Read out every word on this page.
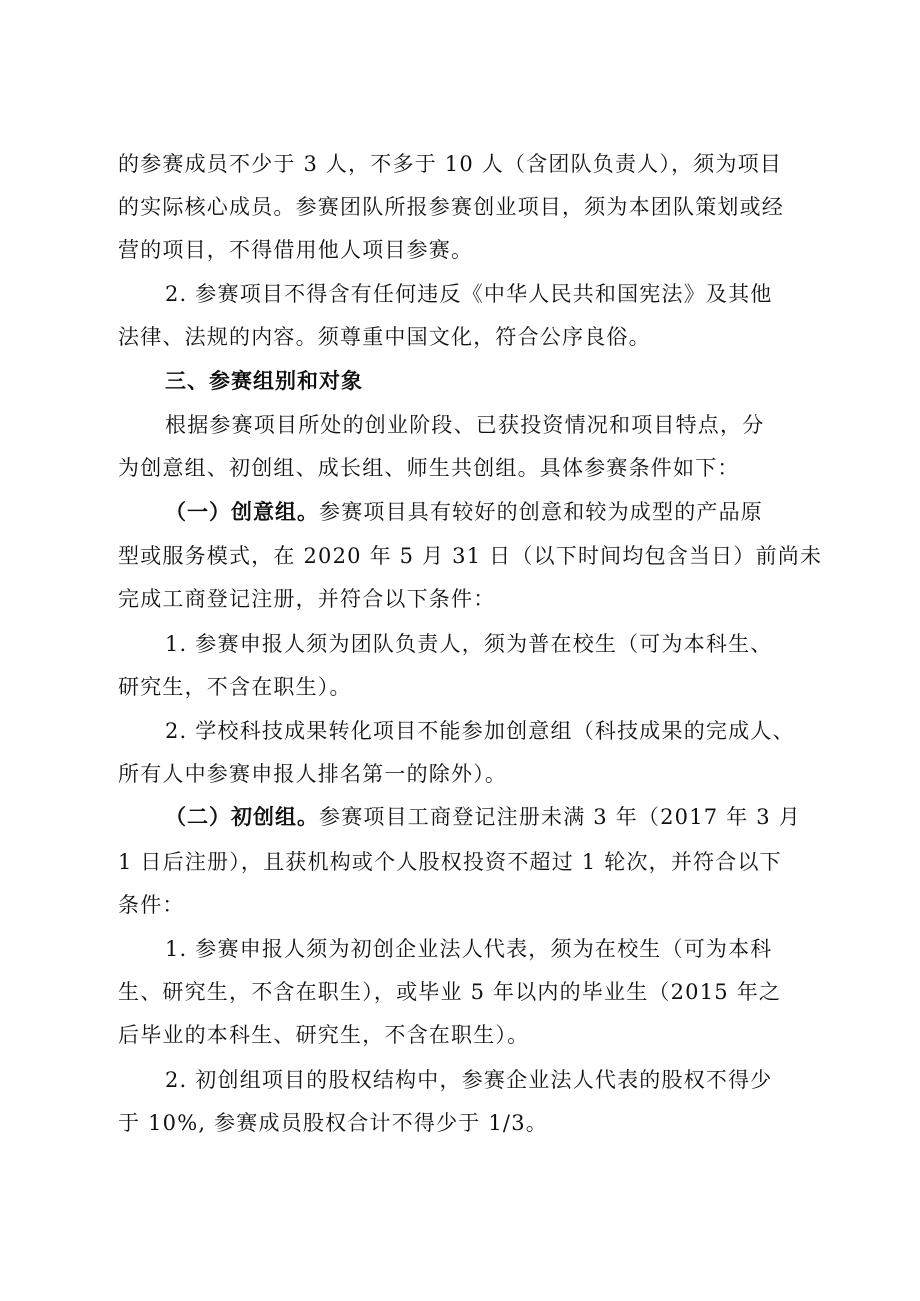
的参赛成员不少于 3 人，不多于 10 人（含团队负责人），须为项目
的实际核心成员。参赛团队所报参赛创业项目，须为本团队策划或经
营的项目，不得借用他人项目参赛。
2. 参赛项目不得含有任何违反《中华人民共和国宪法》及其他
法律、法规的内容。须尊重中国文化，符合公序良俗。
三、参赛组别和对象
根据参赛项目所处的创业阶段、已获投资情况和项目特点，分
为创意组、初创组、成长组、师生共创组。具体参赛条件如下：
（一）创意组。参赛项目具有较好的创意和较为成型的产品原
型或服务模式，在 2020 年 5 月 31 日（以下时间均包含当日）前尚未
完成工商登记注册，并符合以下条件：
1. 参赛申报人须为团队负责人，须为普在校生（可为本科生、
研究生，不含在职生）。
2. 学校科技成果转化项目不能参加创意组（科技成果的完成人、
所有人中参赛申报人排名第一的除外）。
（二）初创组。参赛项目工商登记注册未满 3 年（2017 年 3 月
1 日后注册），且获机构或个人股权投资不超过 1 轮次，并符合以下
条件：
1. 参赛申报人须为初创企业法人代表，须为在校生（可为本科
生、研究生，不含在职生），或毕业 5 年以内的毕业生（2015 年之
后毕业的本科生、研究生，不含在职生）。
2. 初创组项目的股权结构中，参赛企业法人代表的股权不得少
于 10%, 参赛成员股权合计不得少于 1/3。
